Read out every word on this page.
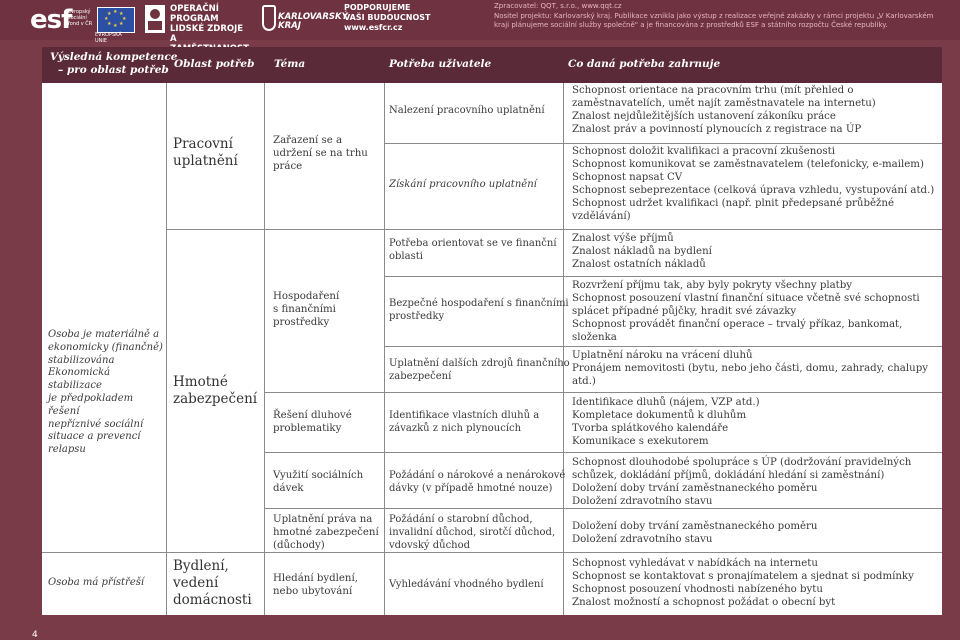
esf
evropský
sociální
fond v ČR
★ ★
★
★
★
★
★
★
EVROPSKÁ UNIE
OPERAČNÍ PROGRAM
LIDSKÉ ZDROJE
A
KARLOVARSKÝ
KRAJ
PODPORUJEME
VAŠI BUDOUCNOST
www.esfcr.cz
Zpracovatel: QQT, s.r.o., www.qqt.cz
Nositel projektu: Karlovarský kraj. Publikace vznikla jako výstup z realizace veřejné zakázky v rámci projektu „V Karlovarském
kraji plánujeme sociální služby společně" a je financována z prostředků ESF a státního rozpočtu České republiky.
Výsledná kompetence
– pro oblast potřeb Oblast potřeb Téma	Potřeba uživatele	Co daná potřeba zahrnuje
Osoba je materiálně a
ekonomicky (finančně)
stabilizována
Ekonomická stabilizace
je předpokladem řešení
nepříznivé sociální
situace a prevencí
relapsu
Osoba má přístřeší
Pracovní
uplatnění
Hmotné
zabezpečení
Bydlení,
vedení
domácnosti
Zařazení se a
udržení se na trhu
práce
Hospodaření
s finančními
prostředky
Řešení dluhové
problematiky
Využití sociálních
dávek
Uplatnění práva na
hmotné zabezpečení
(důchody)
Hledání bydlení,
nebo ubytování
Nalezení pracovního uplatnění
Získání pracovního uplatnění
Potřeba orientovat se ve finanční
oblasti
Bezpečné hospodaření s finančními
prostředky
Uplatnění dalších zdrojů finančního
zabezpečení
Identifikace vlastních dluhů a
závazků z nich plynoucích
Požádání o nárokové a nenárokové
dávky (v případě hmotné nouze)
Požádání o starobní důchod,
invalidní důchod, sirotčí důchod,
vdovský důchod
Vyhledávání vhodného bydlení
Schopnost orientace na pracovním trhu (mít přehled o
zaměstnavatelích, umět najít zaměstnavatele na internetu)
Znalost nejdůležitějších ustanovení zákoníku práce
Znalost práv a povinností plynoucích z registrace na ÚP
Schopnost doložit kvalifikaci a pracovní zkušenosti
Schopnost komunikovat se zaměstnavatelem (telefonicky, e-mailem)
Schopnost napsat CV
Schopnost sebeprezentace (celková úprava vzhledu, vystupování atd.)
Schopnost udržet kvalifikaci (např. plnit předepsané průběžné
vzdělávání)
Znalost výše příjmů
Znalost nákladů na bydlení
Znalost ostatních nákladů
Rozvržení příjmu tak, aby byly pokryty všechny platby
Schopnost posouzení vlastní finanční situace včetně své schopnosti
splácet případné půjčky, hradit své závazky
Schopnost provádět finanční operace – trvalý příkaz, bankomat,
složenka
Uplatnění nároku na vrácení dluhů
Pronájem nemovitosti (bytu, nebo jeho části, domu, zahrady, chalupy
atd.)
Identifikace dluhů (nájem, VZP atd.)
Kompletace dokumentů k dluhům
Tvorba splátkového kalendáře
Komunikace s exekutorem
Schopnost dlouhodobé spolupráce s ÚP (dodržování pravidelných
schůzek, dokládání příjmů, dokládání hledání si zaměstnání)
Doložení doby trvání zaměstnaneckého poměru
Doložení zdravotního stavu
Doložení doby trvání zaměstnaneckého poměru
Doložení zdravotního stavu
Schopnost vyhledávat v nabídkách na internetu
Schopnost se kontaktovat s pronajímatelem a sjednat si podmínky
Schopnost posouzení vhodnosti nabízeného bytu
Znalost možností a schopnost požádat o obecní byt
4
